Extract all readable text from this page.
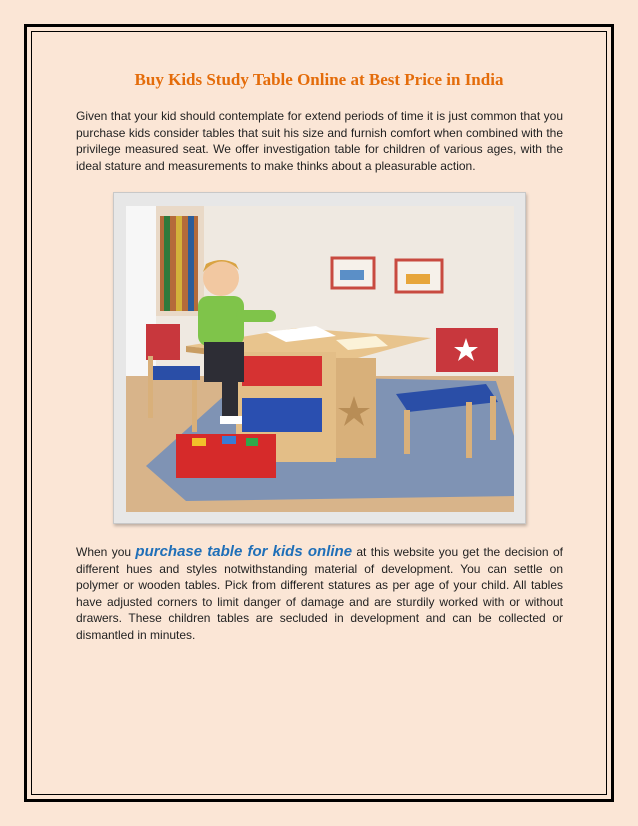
Buy Kids Study Table Online at Best Price in India

Given that your kid should contemplate for extend periods of time it is just common that you purchase kids consider tables that suit his size and furnish comfort when combined with the privilege measured seat. We offer investigation table for children of various ages, with the ideal stature and measurements to make thinks about a pleasurable action.

When you purchase table for kids online at this website you get the decision of different hues and styles notwithstanding material of development. You can settle on polymer or wooden tables. Pick from different statures as per age of your child. All tables have adjusted corners to limit danger of damage and are sturdily worked with or without drawers. These children tables are secluded in development and can be collected or dismantled in minutes.
